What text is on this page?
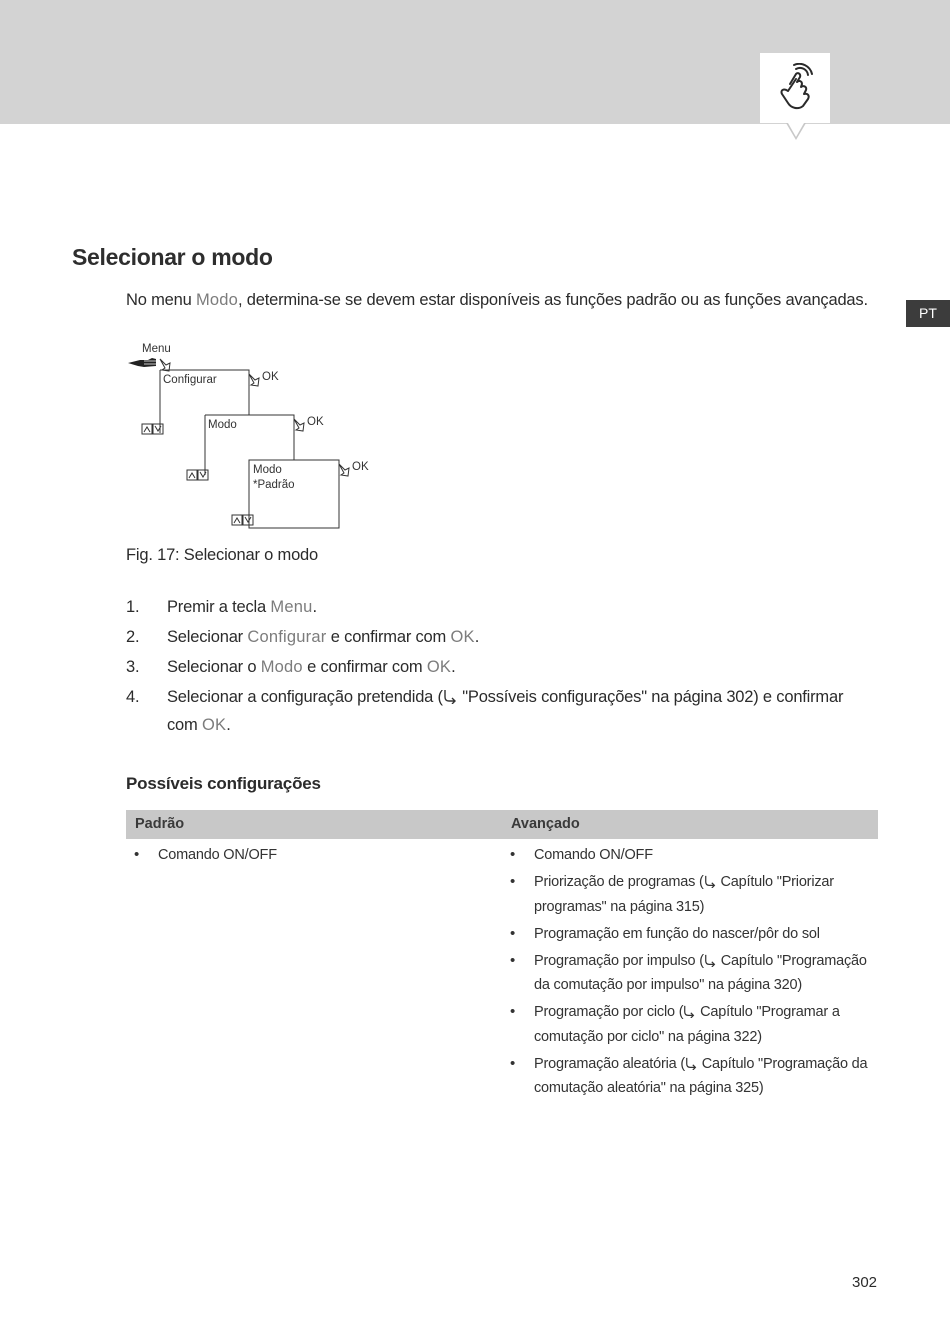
PT
Selecionar o modo

No menu Modo, determina-se se devem estar disponíveis as funções padrão ou as funções avançadas.

Menu
Configurar	OK
Modo	OK
Modo
*Padrão
OK

Fig. 17: Selecionar o modo

1. Premir a tecla Menu.
2. Selecionar Configurar e confirmar com OK.
3. Selecionar o Modo e confirmar com OK.
4. Selecionar a configuração pretendida ( "Possíveis configurações" na página 302) e confirmar com OK.
Possíveis configurações
Padrão	Avançado
• Comando ON/OFF
•	Comando ON/OFF
• Priorização de programas ( Capítulo "Priorizar programas" na página 315)
• Programação em função do nascer/pôr do sol
• Programação por impulso ( Capítulo "Programação da comutação por impulso" na página 320)
• Programação por ciclo ( Capítulo "Programar a comutação por ciclo" na página 322)
• Programação aleatória ( Capítulo "Programação da comutação aleatória" na página 325)
302
